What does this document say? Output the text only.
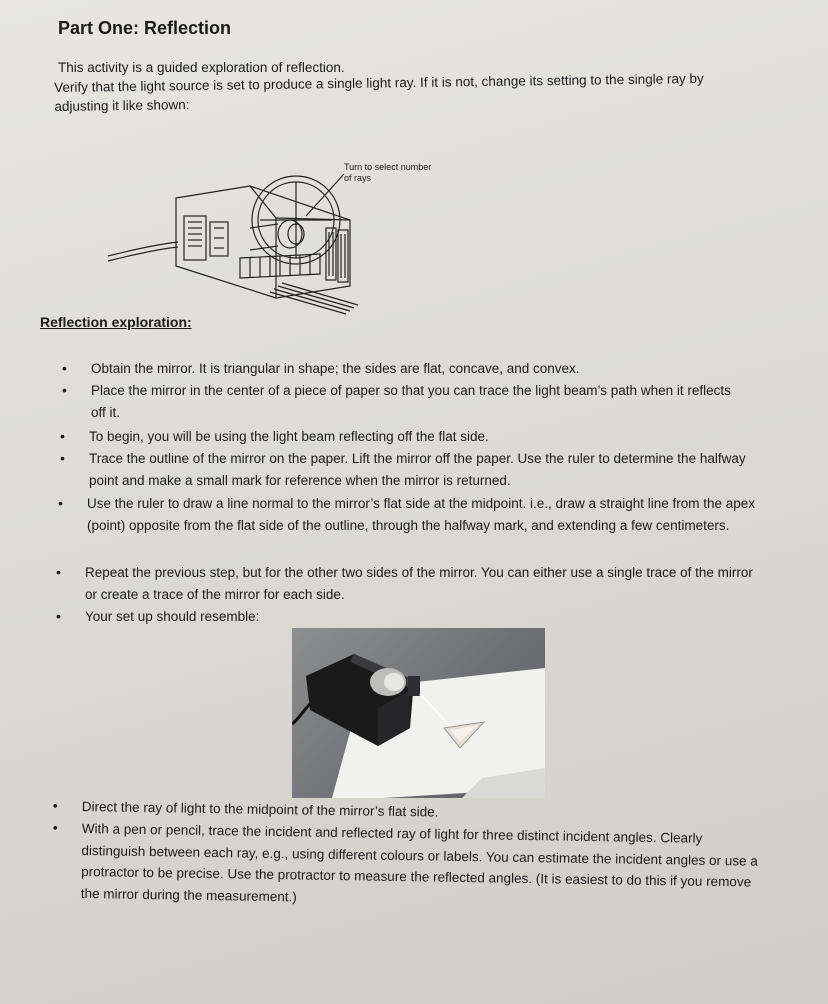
Part One: Reflection

This activity is a guided exploration of reflection.

Verify that the light source is set to produce a single light ray. If it is not, change its setting to the single ray by adjusting it like shown:

Turn to select number of rays
Reflection exploration:
• Obtain the mirror. It is triangular in shape; the sides are flat, concave, and convex.
• Place the mirror in the center of a piece of paper so that you can trace the light beam’s path when it reflects off it.
• To begin, you will be using the light beam reflecting off the flat side.
• Trace the outline of the mirror on the paper. Lift the mirror off the paper. Use the ruler to determine the halfway point and make a small mark for reference when the mirror is returned.
• Use the ruler to draw a line normal to the mirror’s flat side at the midpoint. i.e., draw a straight line from the apex (point) opposite from the flat side of the outline, through the halfway mark, and extending a few centimeters.
• Repeat the previous step, but for the other two sides of the mirror. You can either use a single trace of the mirror or create a trace of the mirror for each side.
• Your set up should resemble:
• Direct the ray of light to the midpoint of the mirror’s flat side.
• With a pen or pencil, trace the incident and reflected ray of light for three distinct incident angles. Clearly distinguish between each ray, e.g., using different colours or labels. You can estimate the incident angles or use a protractor to be precise. Use the protractor to measure the reflected angles. (It is easiest to do this if you remove the mirror during the measurement.)
